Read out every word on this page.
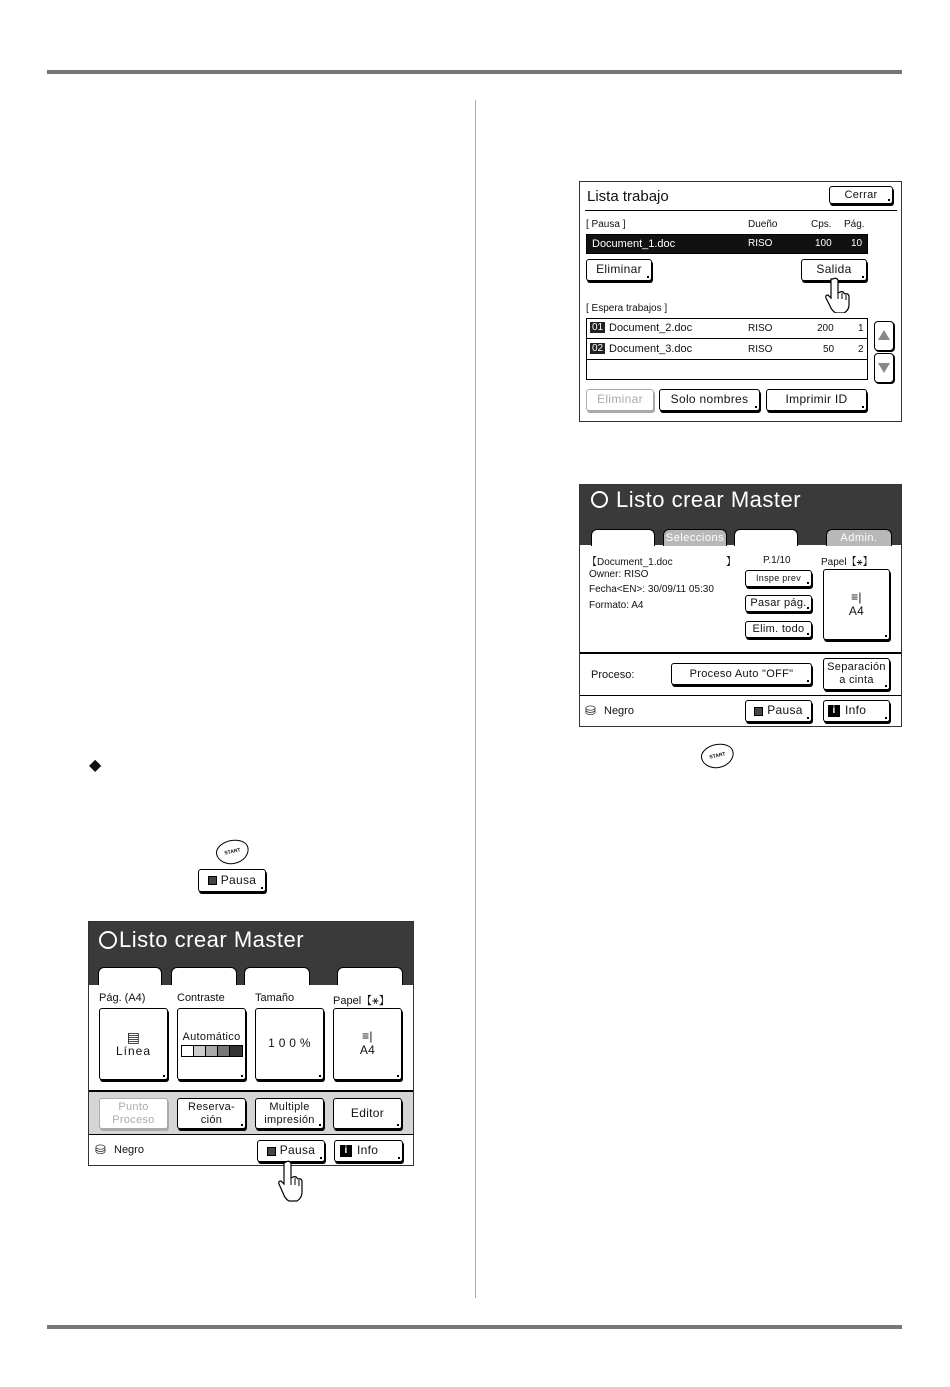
Lista trabajo	Cerrar
[ Pausa ]	Dueño	Cps. Pág.
Document_1.doc	RISO	100 10
Eliminar	Salida
[ Espera trabajos ]
01 Document_2.doc	RISO	200 1
02 Document_3.doc	RISO	50 2
Eliminar	Solo nombres	Imprimir ID
Listo crear Master
Básico	Seleccions	Funciones	Admin.
【Document_1.doc	】	P.1/10	Papel【⚹】
Owner: RISO
Fecha<EN>: 30/09/11 05:30
Formato: A4
Inspe prev
Pasar pág.
Elim. todo
≡|
A4
Proceso:	Proceso Auto "OFF"
Separación
a cinta
⛁ Negro	Pausa	i Info
START
◆
START
Pausa
Listo crear Master
Básico	Seleccions	Funciones	Admin.
Pág. (A4)	Contraste	Tamaño	Papel【⚹】
▤
Línea
Automático	1 0 0 %	≡|
A4
Punto
Proceso
Reserva-
ción
Multiple
impresión	Editor
⛁ Negro	Pausa	i Info
